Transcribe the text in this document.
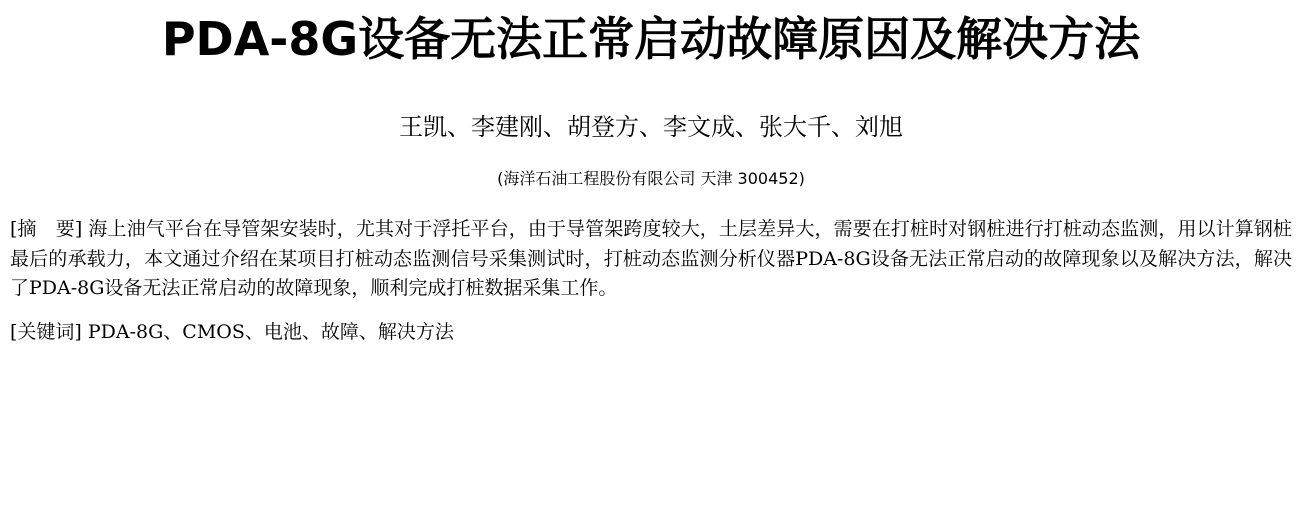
PDA-8G设备无法正常启动故障原因及解决方法
王凯、李建刚、胡登方、李文成、张大千、刘旭
(海洋石油工程股份有限公司 天津 300452)
[摘　要] 海上油气平台在导管架安装时，尤其对于浮托平台，由于导管架跨度较大，土层差异大，需要在打桩时对钢桩进行打桩动态监测，用以计算钢桩最后的承载力，本文通过介绍在某项目打桩动态监测信号采集测试时，打桩动态监测分析仪器PDA-8G设备无法正常启动的故障现象以及解决方法，解决了PDA-8G设备无法正常启动的故障现象，顺利完成打桩数据采集工作。
[关键词] PDA-8G、CMOS、电池、故障、解决方法
